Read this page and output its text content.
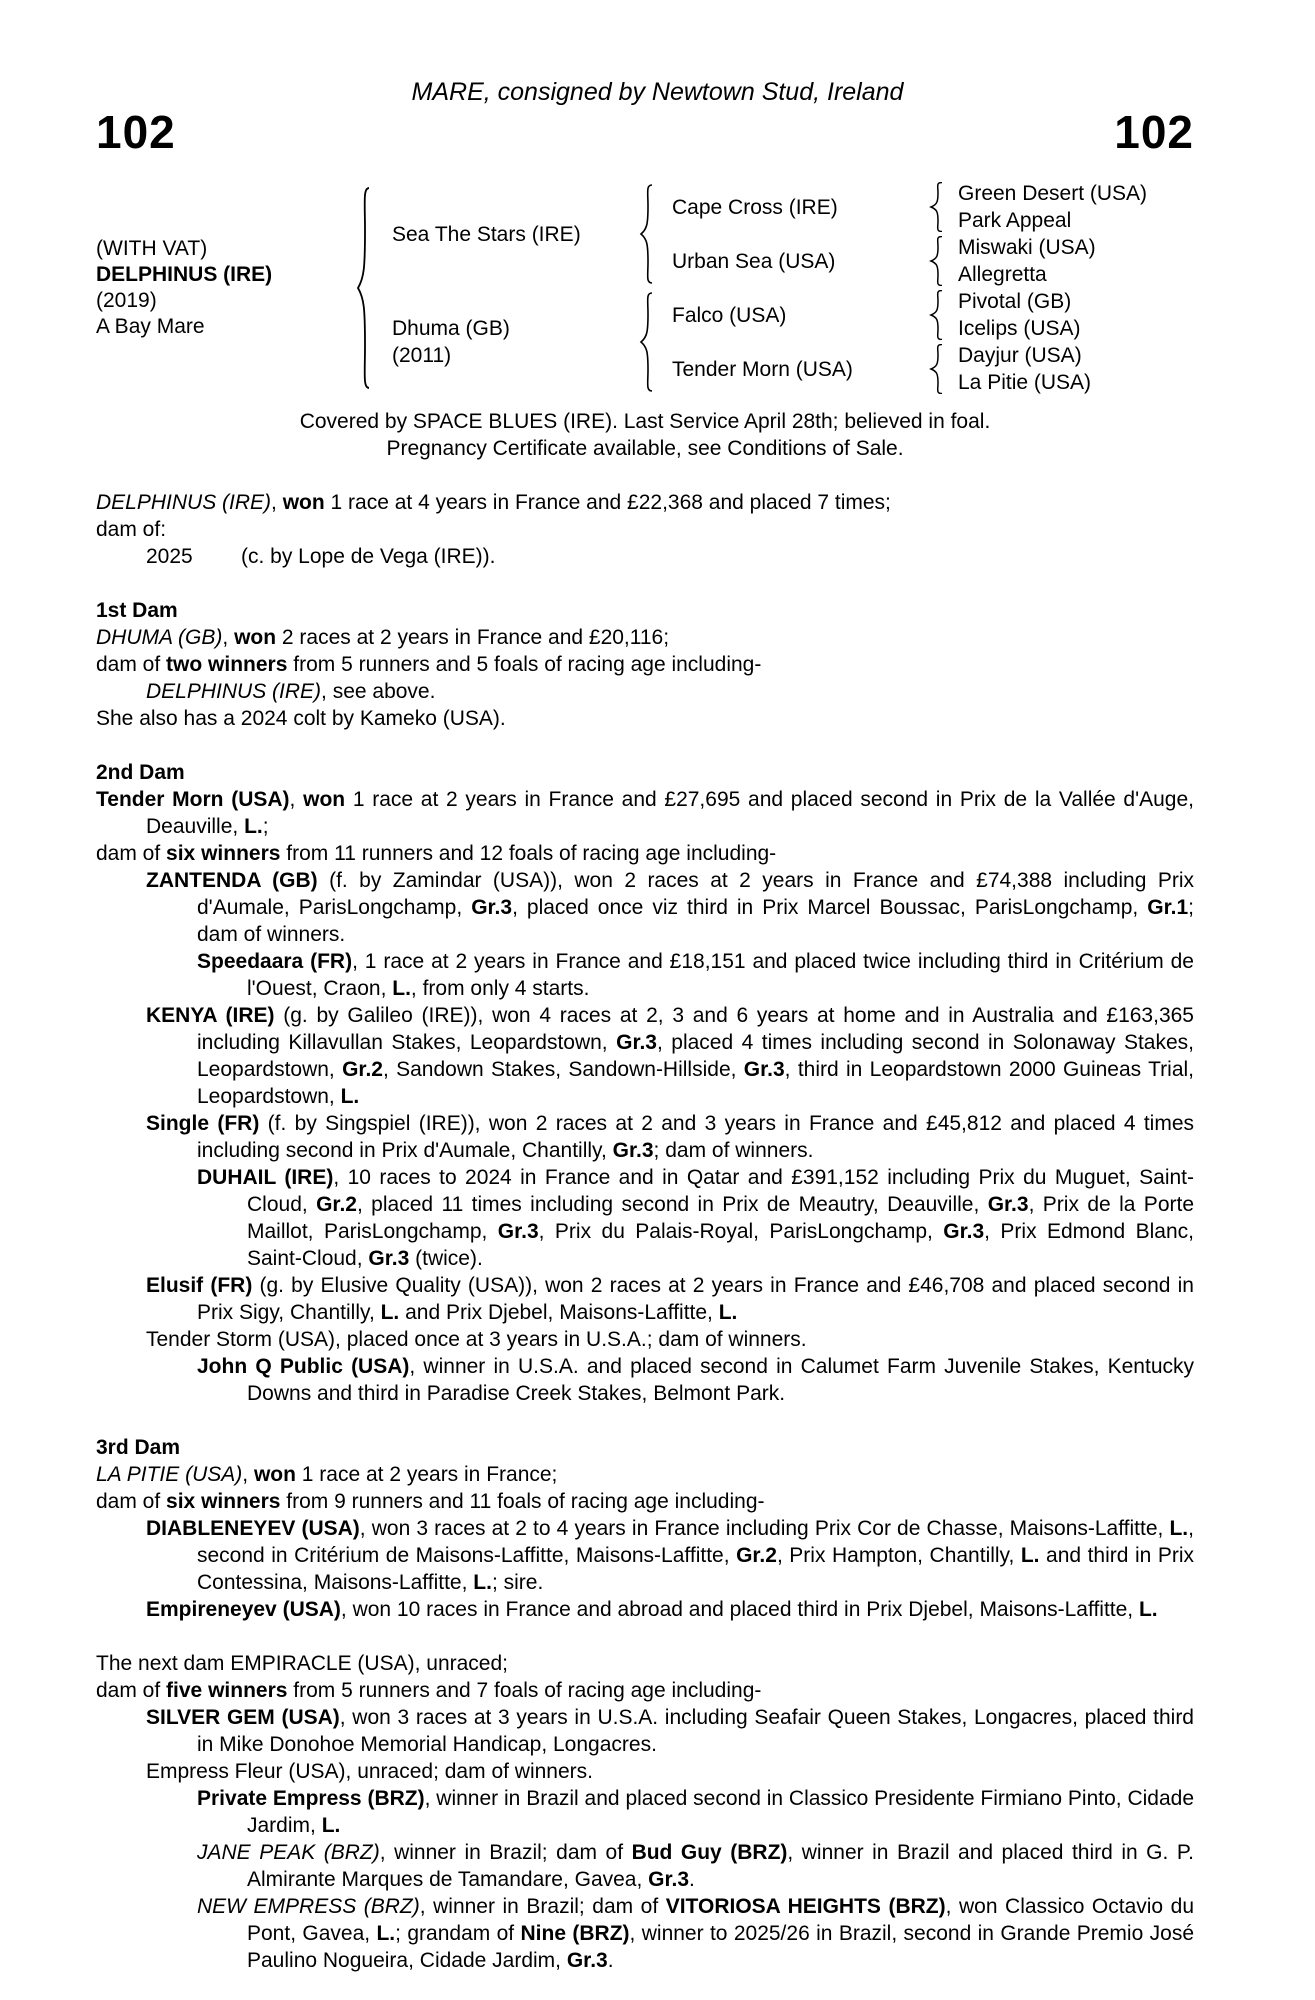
MARE, consigned by Newtown Stud, Ireland
102	102
(WITH VAT)
DELPHINUS (IRE)
(2019)
A Bay Mare
Sea The Stars (IRE)
Dhuma (GB)
(2011)
Cape Cross (IRE)
Urban Sea (USA)
Falco (USA)
Tender Morn (USA)
Green Desert (USA)
Park Appeal
Miswaki (USA)
Allegretta
Pivotal (GB)
Icelips (USA)
Dayjur (USA)
La Pitie (USA)
Covered by SPACE BLUES (IRE). Last Service April 28th; believed in foal.
Pregnancy Certificate available, see Conditions of Sale.
DELPHINUS (IRE), won 1 race at 4 years in France and £22,368 and placed 7 times;
dam of:
2025 (c. by Lope de Vega (IRE)).
1st Dam
DHUMA (GB), won 2 races at 2 years in France and £20,116;
dam of two winners from 5 runners and 5 foals of racing age including-
DELPHINUS (IRE), see above.
She also has a 2024 colt by Kameko (USA).
2nd Dam
Tender Morn (USA), won 1 race at 2 years in France and £27,695 and placed second in Prix de la Vallée d'Auge, Deauville, L.;
dam of six winners from 11 runners and 12 foals of racing age including-
ZANTENDA (GB) (f. by Zamindar (USA)), won 2 races at 2 years in France and £74,388 including Prix d'Aumale, ParisLongchamp, Gr.3, placed once viz third in Prix Marcel Boussac, ParisLongchamp, Gr.1; dam of winners.
Speedaara (FR), 1 race at 2 years in France and £18,151 and placed twice including third in Critérium de l'Ouest, Craon, L., from only 4 starts.
KENYA (IRE) (g. by Galileo (IRE)), won 4 races at 2, 3 and 6 years at home and in Australia and £163,365 including Killavullan Stakes, Leopardstown, Gr.3, placed 4 times including second in Solonaway Stakes, Leopardstown, Gr.2, Sandown Stakes, Sandown-Hillside, Gr.3, third in Leopardstown 2000 Guineas Trial, Leopardstown, L.
Single (FR) (f. by Singspiel (IRE)), won 2 races at 2 and 3 years in France and £45,812 and placed 4 times including second in Prix d'Aumale, Chantilly, Gr.3; dam of winners.
DUHAIL (IRE), 10 races to 2024 in France and in Qatar and £391,152 including Prix du Muguet, Saint-Cloud, Gr.2, placed 11 times including second in Prix de Meautry, Deauville, Gr.3, Prix de la Porte Maillot, ParisLongchamp, Gr.3, Prix du Palais-Royal, ParisLongchamp, Gr.3, Prix Edmond Blanc, Saint-Cloud, Gr.3 (twice).
Elusif (FR) (g. by Elusive Quality (USA)), won 2 races at 2 years in France and £46,708 and placed second in Prix Sigy, Chantilly, L. and Prix Djebel, Maisons-Laffitte, L.
Tender Storm (USA), placed once at 3 years in U.S.A.; dam of winners.
John Q Public (USA), winner in U.S.A. and placed second in Calumet Farm Juvenile Stakes, Kentucky Downs and third in Paradise Creek Stakes, Belmont Park.
3rd Dam
LA PITIE (USA), won 1 race at 2 years in France;
dam of six winners from 9 runners and 11 foals of racing age including-
DIABLENEYEV (USA), won 3 races at 2 to 4 years in France including Prix Cor de Chasse, Maisons-Laffitte, L., second in Critérium de Maisons-Laffitte, Maisons-Laffitte, Gr.2, Prix Hampton, Chantilly, L. and third in Prix Contessina, Maisons-Laffitte, L.; sire.
Empireneyev (USA), won 10 races in France and abroad and placed third in Prix Djebel, Maisons-Laffitte, L.
The next dam EMPIRACLE (USA), unraced;
dam of five winners from 5 runners and 7 foals of racing age including-
SILVER GEM (USA), won 3 races at 3 years in U.S.A. including Seafair Queen Stakes, Longacres, placed third in Mike Donohoe Memorial Handicap, Longacres.
Empress Fleur (USA), unraced; dam of winners.
Private Empress (BRZ), winner in Brazil and placed second in Classico Presidente Firmiano Pinto, Cidade Jardim, L.
JANE PEAK (BRZ), winner in Brazil; dam of Bud Guy (BRZ), winner in Brazil and placed third in G. P. Almirante Marques de Tamandare, Gavea, Gr.3.
NEW EMPRESS (BRZ), winner in Brazil; dam of VITORIOSA HEIGHTS (BRZ), won Classico Octavio du Pont, Gavea, L.; grandam of Nine (BRZ), winner to 2025/26 in Brazil, second in Grande Premio José Paulino Nogueira, Cidade Jardim, Gr.3.
